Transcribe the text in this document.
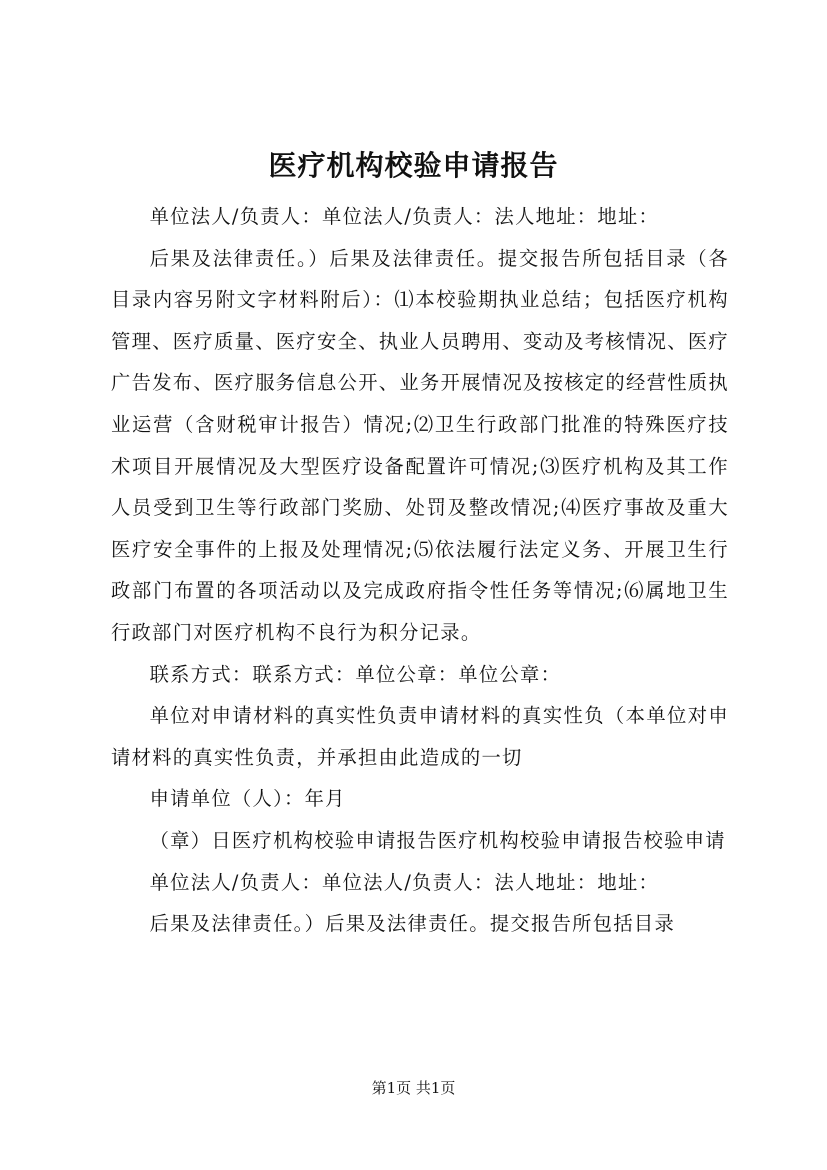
医疗机构校验申请报告

单位法人/负责人：单位法人/负责人：法人地址：地址：

后果及法律责任。）后果及法律责任。提交报告所包括目录（各目录内容另附文字材料附后）：⑴本校验期执业总结；包括医疗机构管理、医疗质量、医疗安全、执业人员聘用、变动及考核情况、医疗广告发布、医疗服务信息公开、业务开展情况及按核定的经营性质执业运营（含财税审计报告）情况;⑵卫生行政部门批准的特殊医疗技术项目开展情况及大型医疗设备配置许可情况;⑶医疗机构及其工作人员受到卫生等行政部门奖励、处罚及整改情况;⑷医疗事故及重大医疗安全事件的上报及处理情况;⑸依法履行法定义务、开展卫生行政部门布置的各项活动以及完成政府指令性任务等情况;⑹属地卫生行政部门对医疗机构不良行为积分记录。

联系方式：联系方式：单位公章：单位公章：

单位对申请材料的真实性负责申请材料的真实性负（本单位对申请材料的真实性负责，并承担由此造成的一切

申请单位（人）：年月

（章）日医疗机构校验申请报告医疗机构校验申请报告校验申请

单位法人/负责人：单位法人/负责人：法人地址：地址：

后果及法律责任。）后果及法律责任。提交报告所包括目录

第1页 共1页
